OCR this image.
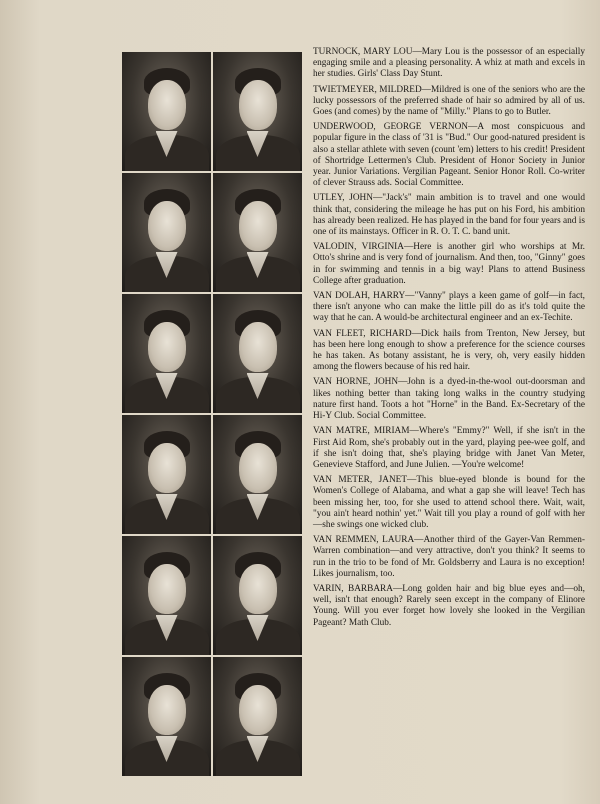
TURNOCK, MARY LOU—Mary Lou is the possessor of an especially engaging smile and a pleasing personality. A whiz at math and excels in her studies. Girls' Class Day Stunt.

TWIETMEYER, MILDRED—Mildred is one of the seniors who are the lucky possessors of the preferred shade of hair so admired by all of us. Goes (and comes) by the name of "Milly." Plans to go to Butler.

UNDERWOOD, GEORGE VERNON—A most conspicuous and popular figure in the class of '31 is "Bud." Our good-natured president is also a stellar athlete with seven (count 'em) letters to his credit! President of Shortridge Lettermen's Club. President of Honor Society in Junior year. Junior Variations. Vergilian Pageant. Senior Honor Roll. Co-writer of clever Strauss ads. Social Committee.

UTLEY, JOHN—"Jack's" main ambition is to travel and one would think that, considering the mileage he has put on his Ford, his ambition has already been realized. He has played in the band for four years and is one of its mainstays. Officer in R. O. T. C. band unit.

VALODIN, VIRGINIA—Here is another girl who worships at Mr. Otto's shrine and is very fond of journalism. And then, too, "Ginny" goes in for swimming and tennis in a big way! Plans to attend Business College after graduation.

VAN DOLAH, HARRY—"Vanny" plays a keen game of golf—in fact, there isn't anyone who can make the little pill do as it's told quite the way that he can. A would-be architectural engineer and an ex-Techite.

VAN FLEET, RICHARD—Dick hails from Trenton, New Jersey, but has been here long enough to show a preference for the science courses he has taken. As botany assistant, he is very, oh, very easily hidden among the flowers because of his red hair.

VAN HORNE, JOHN—John is a dyed-in-the-wool out-doorsman and likes nothing better than taking long walks in the country studying nature first hand. Toots a hot "Horne" in the Band. Ex-Secretary of the Hi-Y Club. Social Committee.

VAN MATRE, MIRIAM—Where's "Emmy?" Well, if she isn't in the First Aid Rom, she's probably out in the yard, playing pee-wee golf, and if she isn't doing that, she's playing bridge with Janet Van Meter, Genevieve Stafford, and June Julien. —You're welcome!

VAN METER, JANET—This blue-eyed blonde is bound for the Women's College of Alabama, and what a gap she will leave! Tech has been missing her, too, for she used to attend school there. Wait, wait, "you ain't heard nothin' yet." Wait till you play a round of golf with her—she swings one wicked club.

VAN REMMEN, LAURA—Another third of the Gayer-Van Remmen-Warren combination—and very attractive, don't you think? It seems to run in the trio to be fond of Mr. Goldsberry and Laura is no exception! Likes journalism, too.

VARIN, BARBARA—Long golden hair and big blue eyes and—oh, well, isn't that enough? Rarely seen except in the company of Elinore Young. Will you ever forget how lovely she looked in the Vergilian Pageant? Math Club.
